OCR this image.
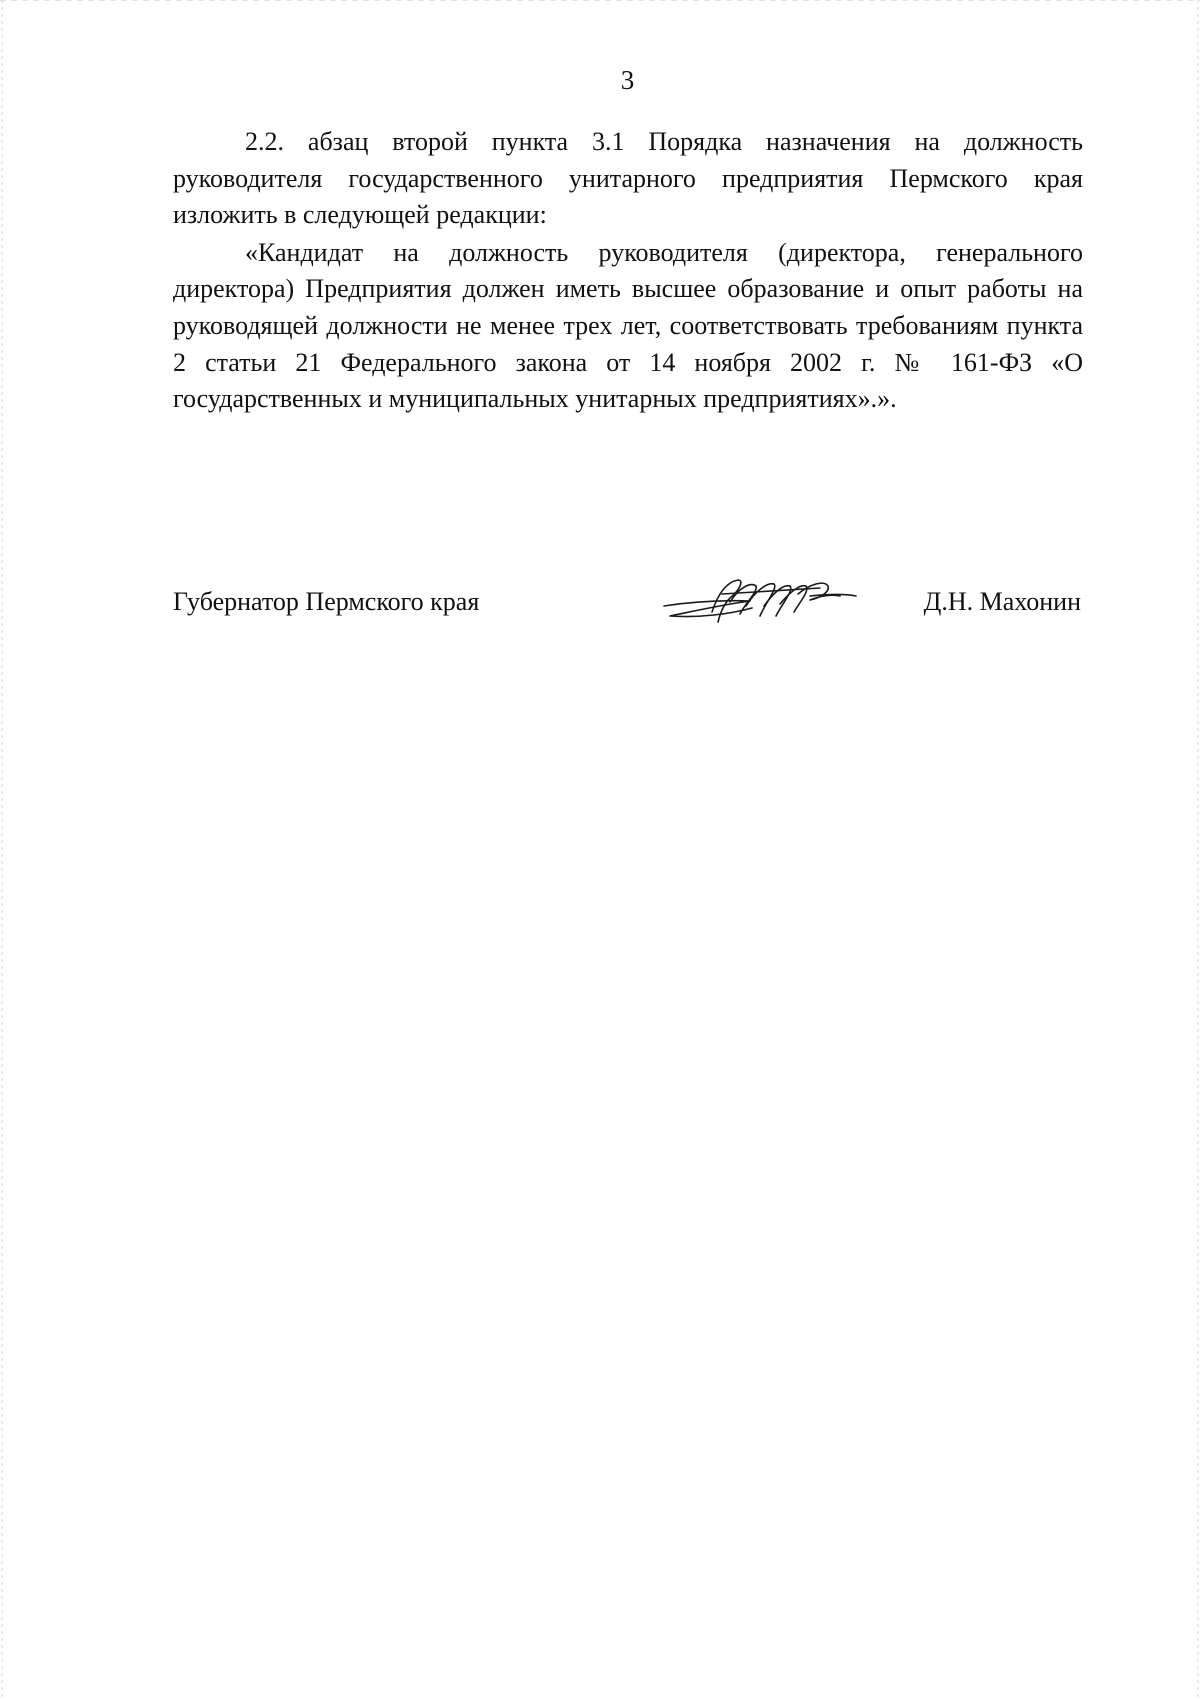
3

2.2. абзац второй пункта 3.1 Порядка назначения на должность руководителя государственного унитарного предприятия Пермского края изложить в следующей редакции:

«Кандидат на должность руководителя (директора, генерального директора) Предприятия должен иметь высшее образование и опыт работы на руководящей должности не менее трех лет, соответствовать требованиям пункта 2 статьи 21 Федерального закона от 14 ноября 2002 г. № 161-ФЗ «О государственных и муниципальных унитарных предприятиях».».

Губернатор Пермского края	Д.Н. Махонин
